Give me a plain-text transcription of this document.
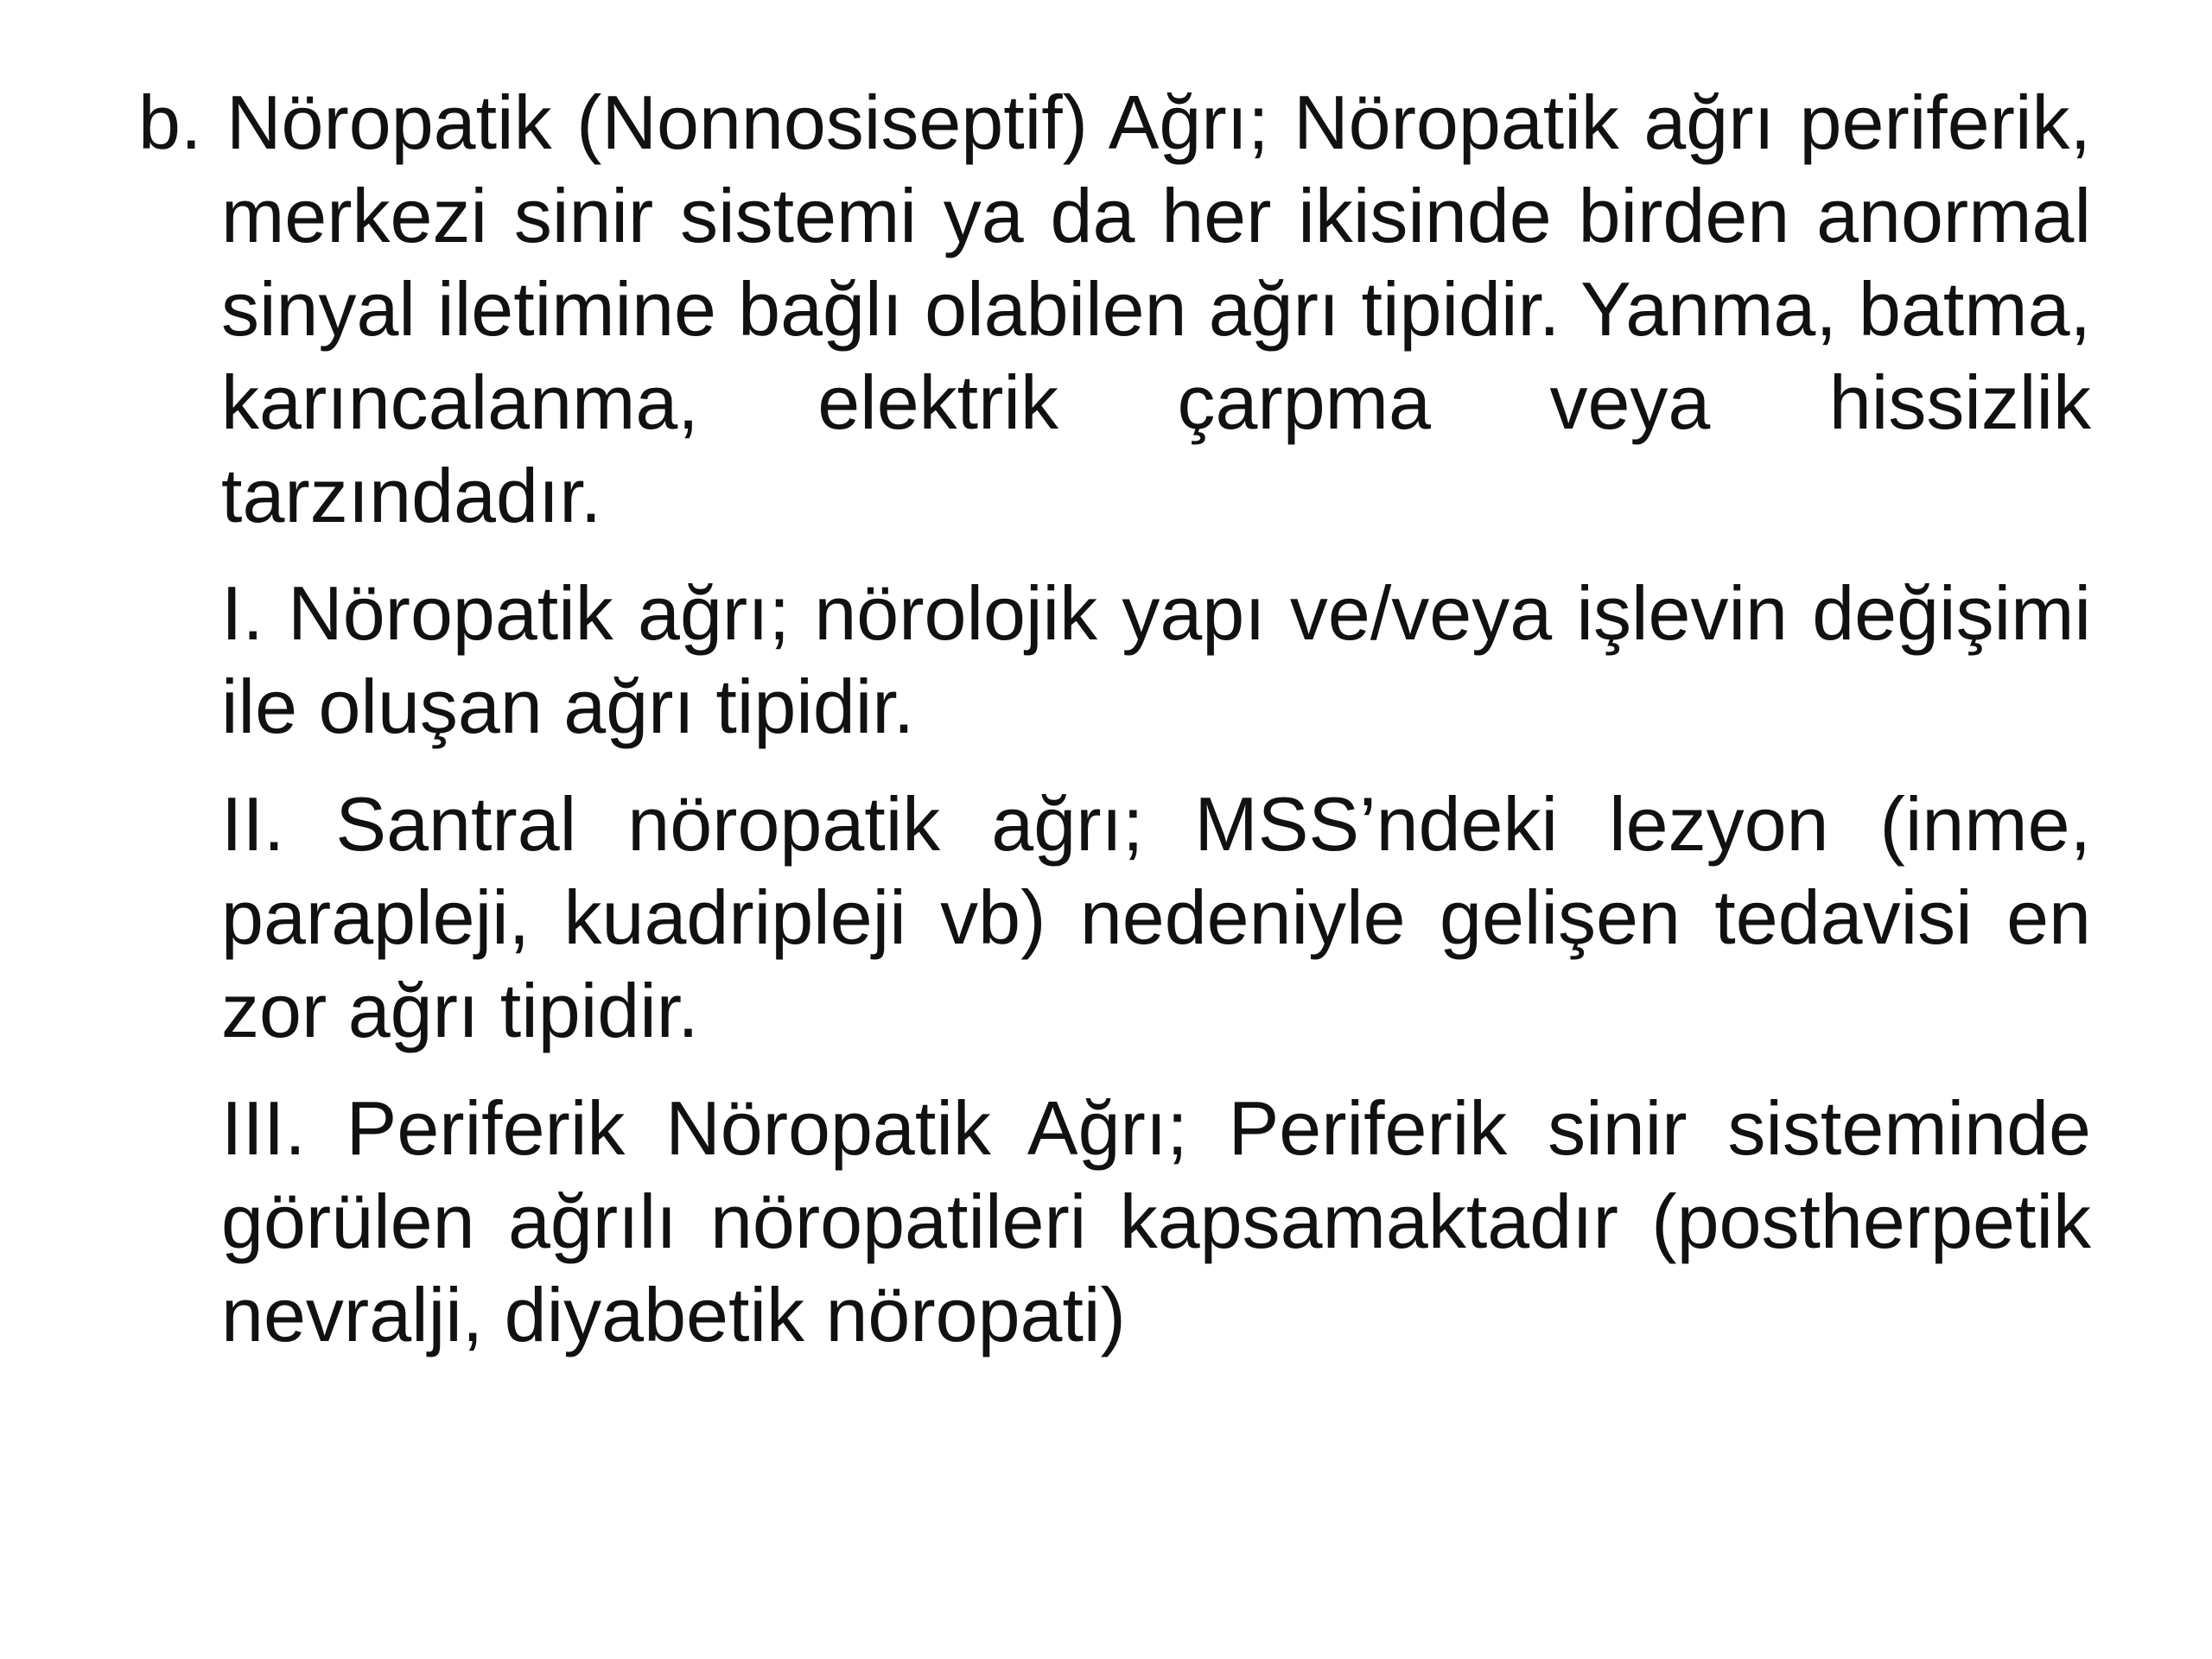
b. Nöropatik (Nonnosiseptif) Ağrı; Nöropatik ağrı periferik, merkezi sinir sistemi ya da her ikisinde birden anormal sinyal iletimine bağlı olabilen ağrı tipidir. Yanma, batma, karıncalanma, elektrik çarpma veya hissizlik tarzındadır.

I. Nöropatik ağrı; nörolojik yapı ve/veya işlevin değişimi ile oluşan ağrı tipidir.

II. Santral nöropatik ağrı; MSS’ndeki lezyon (inme, parapleji, kuadripleji vb) nedeniyle gelişen tedavisi en zor ağrı tipidir.

III. Periferik Nöropatik Ağrı; Periferik sinir sisteminde görülen ağrılı nöropatileri kapsamaktadır (postherpetik nevralji, diyabetik nöropati)
